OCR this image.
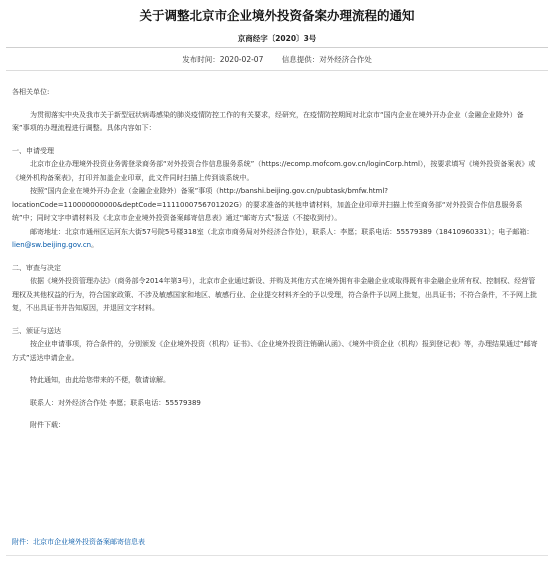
关于调整北京市企业境外投资备案办理流程的通知
京商经字〔2020〕3号
发布时间：2020-02-07 信息提供：对外经济合作处

各相关单位:

为贯彻落实中央及我市关于新型冠状病毒感染的肺炎疫情防控工作的有关要求，经研究，在疫情防控期间对北京市“国内企业在境外开办企业（金融企业除外）备案”事项的办理流程进行调整。具体内容如下：

一、申请受理

北京市企业办理境外投资业务需登录商务部“对外投资合作信息服务系统”（https://ecomp.mofcom.gov.cn/loginCorp.html），按要求填写《境外投资备案表》或《境外机构备案表》，打印并加盖企业印章，此文件同时扫描上传到该系统中。

按照“国内企业在境外开办企业（金融企业除外）备案”事项（http://banshi.beijing.gov.cn/pubtask/bmfw.html?locationCode=110000000000&deptCode=1111000756701202G）的要求准备的其他申请材料，加盖企业印章并扫描上传至商务部“对外投资合作信息服务系统”中；同时文字申请材料及《北京市企业境外投资备案邮寄信息表》通过“邮寄方式”报送（不接收到付）。

邮寄地址：北京市通州区运河东大街57号院5号楼318室（北京市商务局对外经济合作处），联系人：李愿；联系电话：55579389（18410960331）；电子邮箱：lien@sw.beijing.gov.cn。

二、审查与决定

依据《境外投资管理办法》（商务部令2014年第3号），北京市企业通过新设、并购及其他方式在境外拥有非金融企业或取得既有非金融企业所有权、控制权、经营管理权及其他权益的行为，符合国家政策、不涉及敏感国家和地区、敏感行业、企业提交材料齐全的予以受理，符合条件予以网上批复，出具证书；不符合条件，不予网上批复，不出具证书并告知原因，并退回文字材料。

三、颁证与送达

按企业申请事项，符合条件的，分别颁发《企业境外投资（机构）证书》、《企业境外投资注销确认函》、《境外中资企业（机构）报到登记表》等，办理结果通过“邮寄方式”送达申请企业。

特此通知，由此给您带来的不便，敬请谅解。

联系人：对外经济合作处 李愿；联系电话：55579389

附件下载：

附件：北京市企业境外投资备案邮寄信息表
